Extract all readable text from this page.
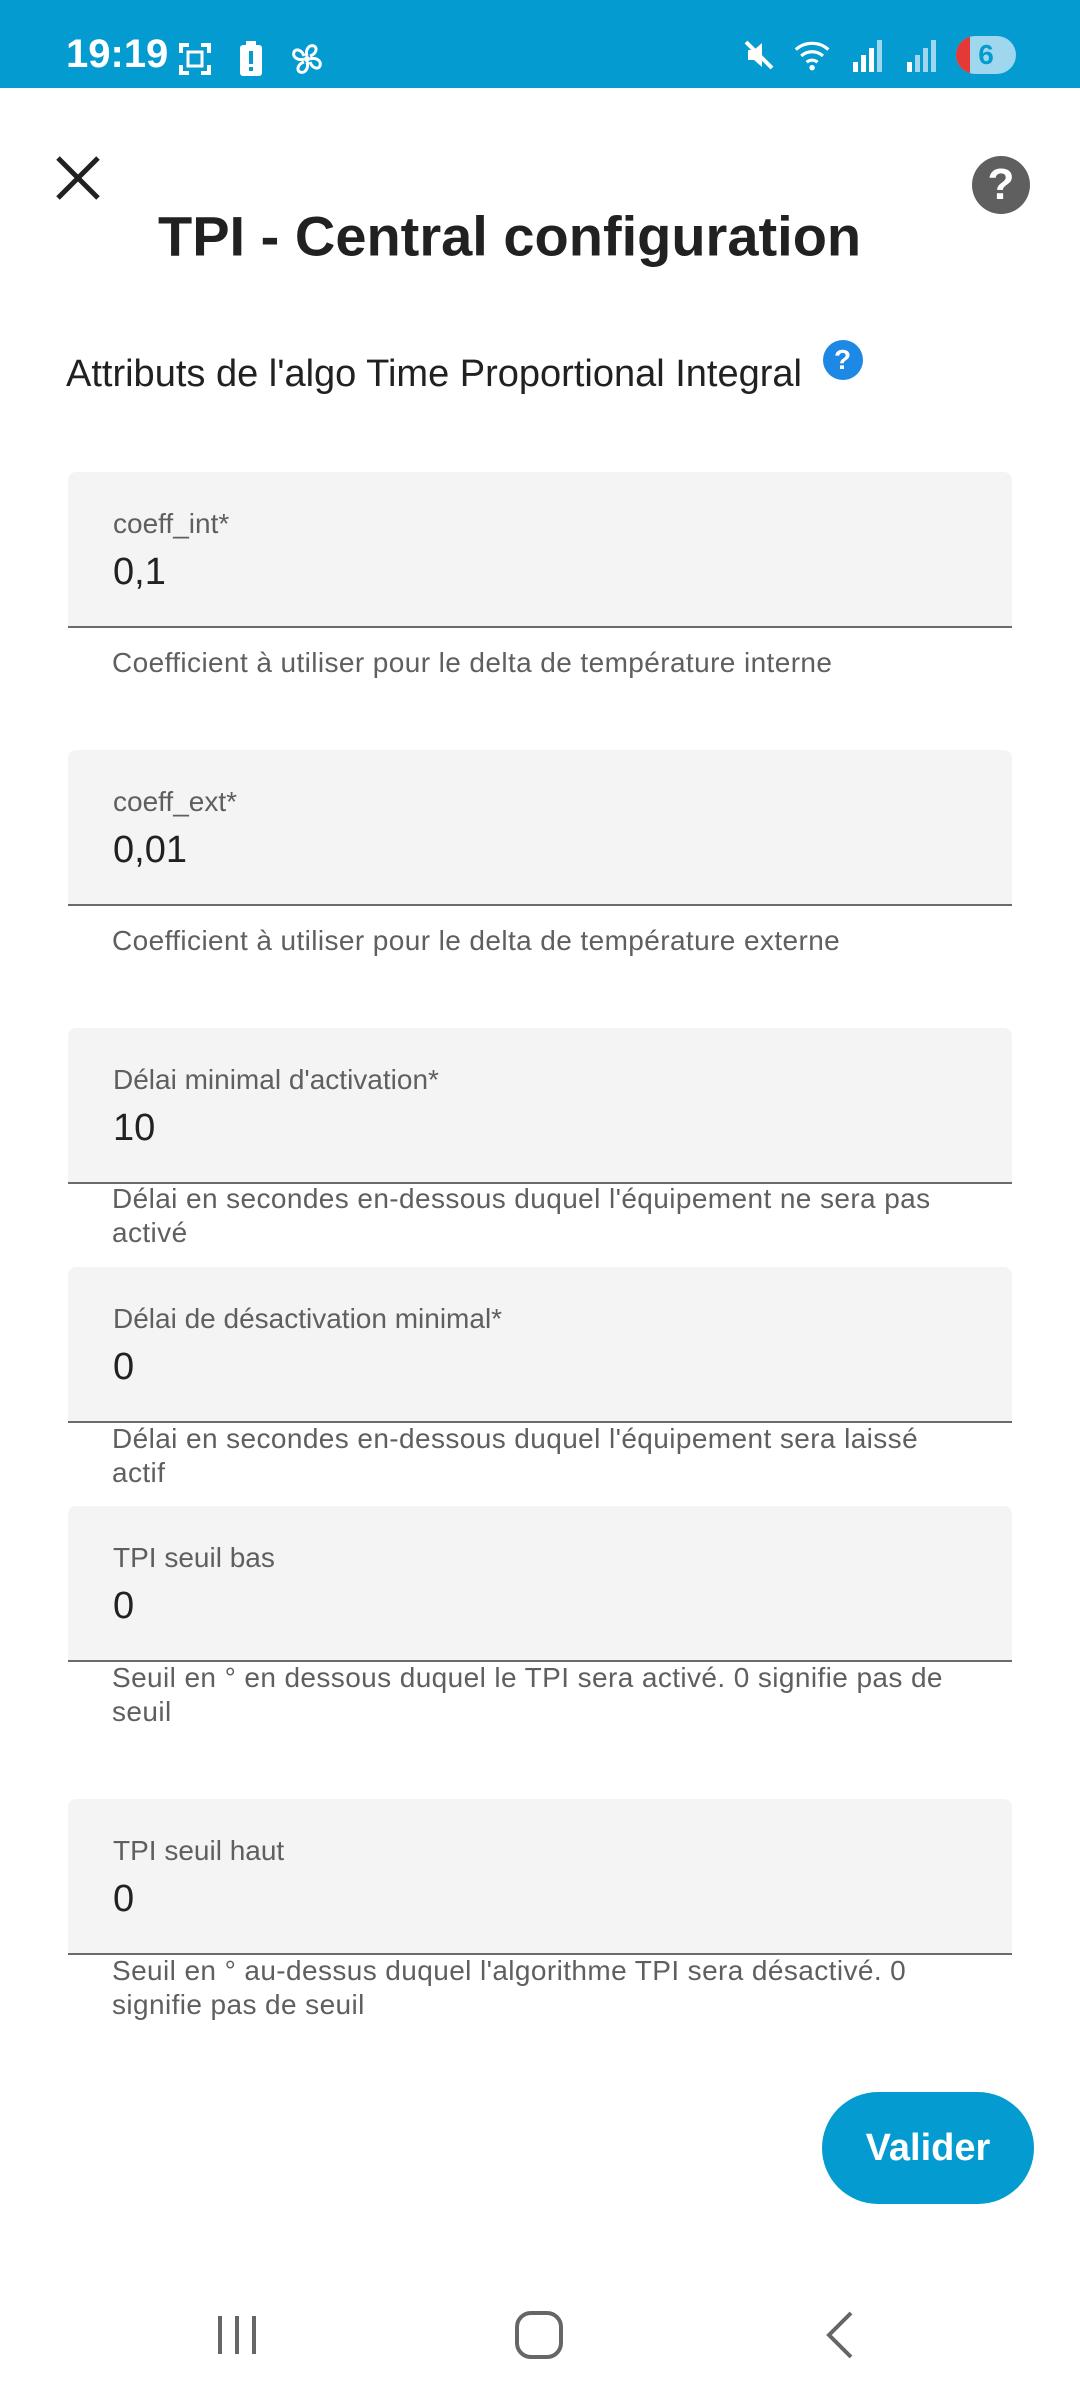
19:19	6
TPI - Central configuration
?
Attributs de l'algo Time Proportional Integral ?
coeff_int*
0,1
Coefficient à utiliser pour le delta de température interne
coeff_ext*
0,01
Coefficient à utiliser pour le delta de température externe
Délai minimal d'activation*
10
Délai en secondes en-dessous duquel l'équipement ne sera pas activé
Délai de désactivation minimal*
0
Délai en secondes en-dessous duquel l'équipement sera laissé actif
TPI seuil bas
0
Seuil en ° en dessous duquel le TPI sera activé. 0 signifie pas de seuil
TPI seuil haut
0
Seuil en ° au-dessus duquel l'algorithme TPI sera désactivé. 0 signifie pas de seuil
Valider
